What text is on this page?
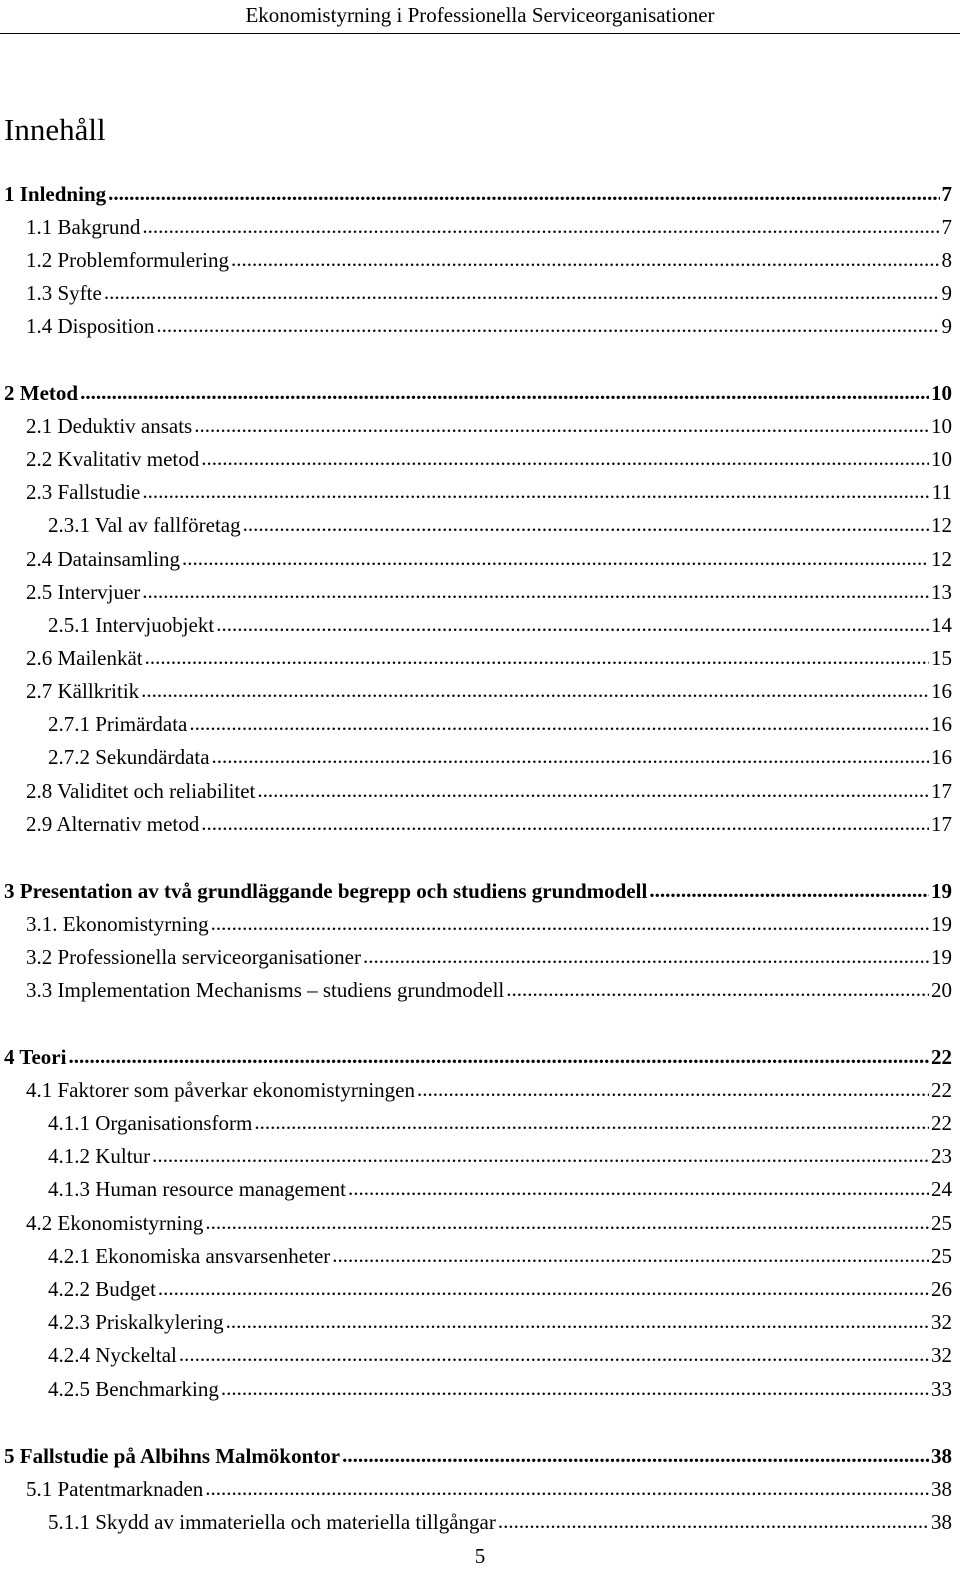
Ekonomistyrning i Professionella Serviceorganisationer
Innehåll
1 Inledning .....	7
1.1 Bakgrund .....	7
1.2 Problemformulering .....	8
1.3 Syfte .....	9
1.4 Disposition .....	9
2 Metod .....	10
2.1 Deduktiv ansats .....	10
2.2 Kvalitativ metod .....	10
2.3 Fallstudie .....	11
2.3.1 Val av fallföretag .....	12
2.4 Datainsamling .....	12
2.5 Intervjuer .....	13
2.5.1 Intervjuobjekt .....	14
2.6 Mailenkät .....	15
2.7 Källkritik .....	16
2.7.1 Primärdata .....	16
2.7.2 Sekundärdata .....	16
2.8 Validitet och reliabilitet .....	17
2.9 Alternativ metod .....	17
3 Presentation av två grundläggande begrepp och studiens grundmodell .....	19
3.1. Ekonomistyrning .....	19
3.2 Professionella serviceorganisationer .....	19
3.3 Implementation Mechanisms – studiens grundmodell .....	20
4 Teori .....	22
4.1 Faktorer som påverkar ekonomistyrningen .....	22
4.1.1 Organisationsform .....	22
4.1.2 Kultur .....	23
4.1.3 Human resource management .....	24
4.2 Ekonomistyrning .....	25
4.2.1 Ekonomiska ansvarsenheter .....	25
4.2.2 Budget .....	26
4.2.3 Priskalkylering .....	32
4.2.4 Nyckeltal .....	32
4.2.5 Benchmarking .....	33
5 Fallstudie på Albihns Malmökontor .....	38
5.1 Patentmarknaden .....	38
5.1.1 Skydd av immateriella och materiella tillgångar .....	38
5
